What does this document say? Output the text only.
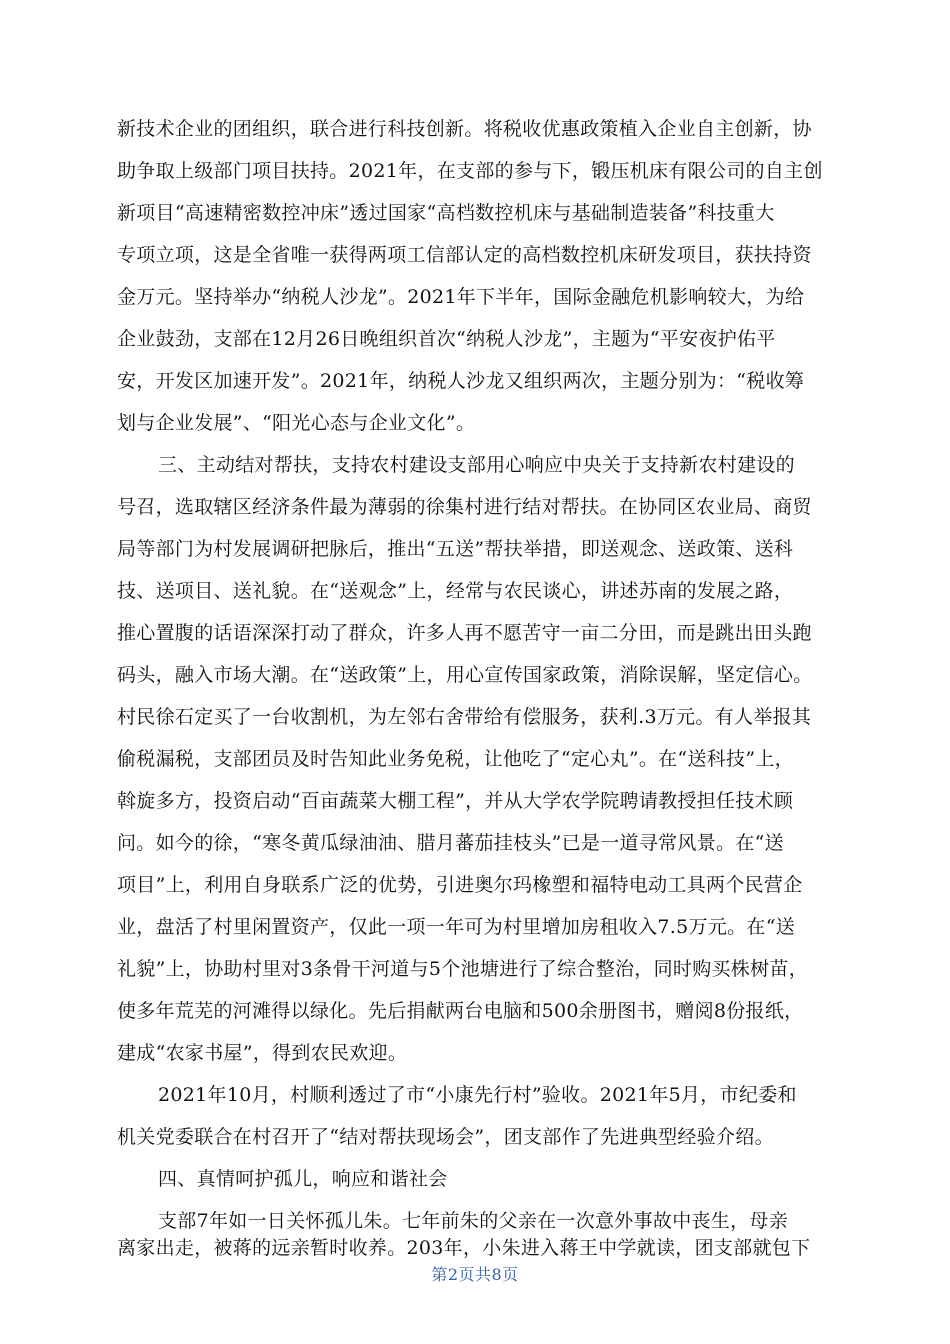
新技术企业的团组织，联合进行科技创新。将税收优惠政策植入企业自主创新，协
助争取上级部门项目扶持。2021年，在支部的参与下，锻压机床有限公司的自主创
新项目“高速精密数控冲床”透过国家“高档数控机床与基础制造装备”科技重大
专项立项，这是全省唯一获得两项工信部认定的高档数控机床研发项目，获扶持资
金万元。坚持举办“纳税人沙龙”。2021年下半年，国际金融危机影响较大，为给
企业鼓劲，支部在12月26日晚组织首次“纳税人沙龙”，主题为“平安夜护佑平
安，开发区加速开发”。2021年，纳税人沙龙又组织两次，主题分别为：“税收筹
划与企业发展”、“阳光心态与企业文化”。
三、主动结对帮扶，支持农村建设支部用心响应中央关于支持新农村建设的
号召，选取辖区经济条件最为薄弱的徐集村进行结对帮扶。在协同区农业局、商贸
局等部门为村发展调研把脉后，推出“五送”帮扶举措，即送观念、送政策、送科
技、送项目、送礼貌。在“送观念”上，经常与农民谈心，讲述苏南的发展之路，
推心置腹的话语深深打动了群众，许多人再不愿苦守一亩二分田，而是跳出田头跑
码头，融入市场大潮。在“送政策”上，用心宣传国家政策，消除误解，坚定信心。
村民徐石定买了一台收割机，为左邻右舍带给有偿服务，获利.3万元。有人举报其
偷税漏税，支部团员及时告知此业务免税，让他吃了“定心丸”。在“送科技”上，
斡旋多方，投资启动“百亩蔬菜大棚工程”，并从大学农学院聘请教授担任技术顾
问。如今的徐，“寒冬黄瓜绿油油、腊月蕃茄挂枝头”已是一道寻常风景。在“送
项目”上，利用自身联系广泛的优势，引进奥尔玛橡塑和福特电动工具两个民营企
业，盘活了村里闲置资产，仅此一项一年可为村里增加房租收入7.5万元。在“送
礼貌”上，协助村里对3条骨干河道与5个池塘进行了综合整治，同时购买株树苗，
使多年荒芜的河滩得以绿化。先后捐献两台电脑和500余册图书，赠阅8份报纸，
建成“农家书屋”，得到农民欢迎。
2021年10月，村顺利透过了市“小康先行村”验收。2021年5月，市纪委和
机关党委联合在村召开了“结对帮扶现场会”，团支部作了先进典型经验介绍。
四、真情呵护孤儿，响应和谐社会
支部7年如一日关怀孤儿朱。七年前朱的父亲在一次意外事故中丧生，母亲
离家出走，被蒋的远亲暂时收养。203年，小朱进入蒋王中学就读，团支部就包下
第2页共8页
